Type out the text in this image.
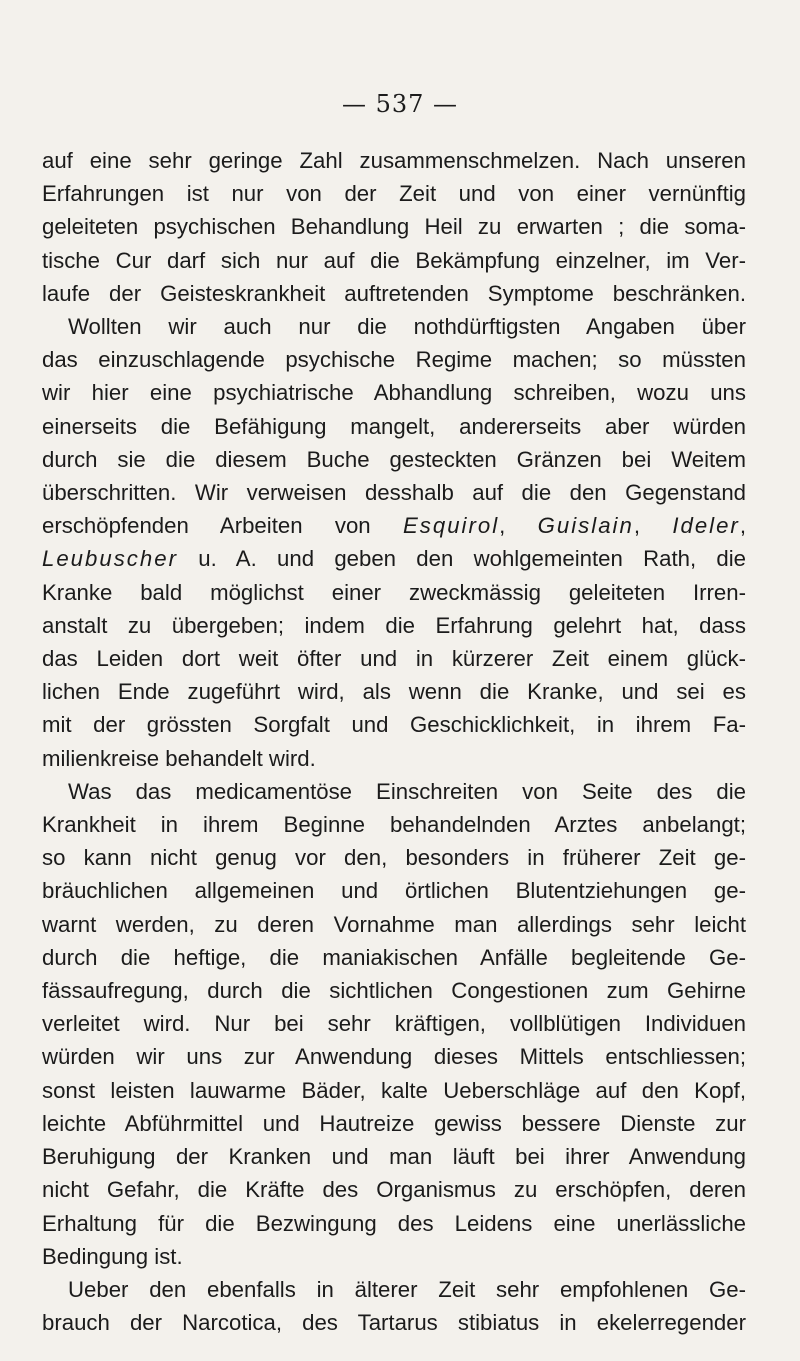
— 537 —
auf eine sehr geringe Zahl zusammenschmelzen. Nach unseren
Erfahrungen ist nur von der Zeit und von einer vernünftig
geleiteten psychischen Behandlung Heil zu erwarten ; die soma-
tische Cur darf sich nur auf die Bekämpfung einzelner, im Ver-
laufe der Geisteskrankheit auftretenden Symptome beschränken.
Wollten wir auch nur die nothdürftigsten Angaben über
das einzuschlagende psychische Regime machen; so müssten
wir hier eine psychiatrische Abhandlung schreiben, wozu uns
einerseits die Befähigung mangelt, andererseits aber würden
durch sie die diesem Buche gesteckten Gränzen bei Weitem
überschritten. Wir verweisen desshalb auf die den Gegenstand
erschöpfenden Arbeiten von Esquirol, Guislain, Ideler,
Leubuscher u. A. und geben den wohlgemeinten Rath, die
Kranke bald möglichst einer zweckmässig geleiteten Irren-
anstalt zu übergeben; indem die Erfahrung gelehrt hat, dass
das Leiden dort weit öfter und in kürzerer Zeit einem glück-
lichen Ende zugeführt wird, als wenn die Kranke, und sei es
mit der grössten Sorgfalt und Geschicklichkeit, in ihrem Fa-
milienkreise behandelt wird.
Was das medicamentöse Einschreiten von Seite des die
Krankheit in ihrem Beginne behandelnden Arztes anbelangt;
so kann nicht genug vor den, besonders in früherer Zeit ge-
bräuchlichen allgemeinen und örtlichen Blutentziehungen ge-
warnt werden, zu deren Vornahme man allerdings sehr leicht
durch die heftige, die maniakischen Anfälle begleitende Ge-
fässaufregung, durch die sichtlichen Congestionen zum Gehirne
verleitet wird. Nur bei sehr kräftigen, vollblütigen Individuen
würden wir uns zur Anwendung dieses Mittels entschliessen;
sonst leisten lauwarme Bäder, kalte Ueberschläge auf den Kopf,
leichte Abführmittel und Hautreize gewiss bessere Dienste zur
Beruhigung der Kranken und man läuft bei ihrer Anwendung
nicht Gefahr, die Kräfte des Organismus zu erschöpfen, deren
Erhaltung für die Bezwingung des Leidens eine unerlässliche
Bedingung ist.
Ueber den ebenfalls in älterer Zeit sehr empfohlenen Ge-
brauch der Narcotica, des Tartarus stibiatus in ekelerregender
